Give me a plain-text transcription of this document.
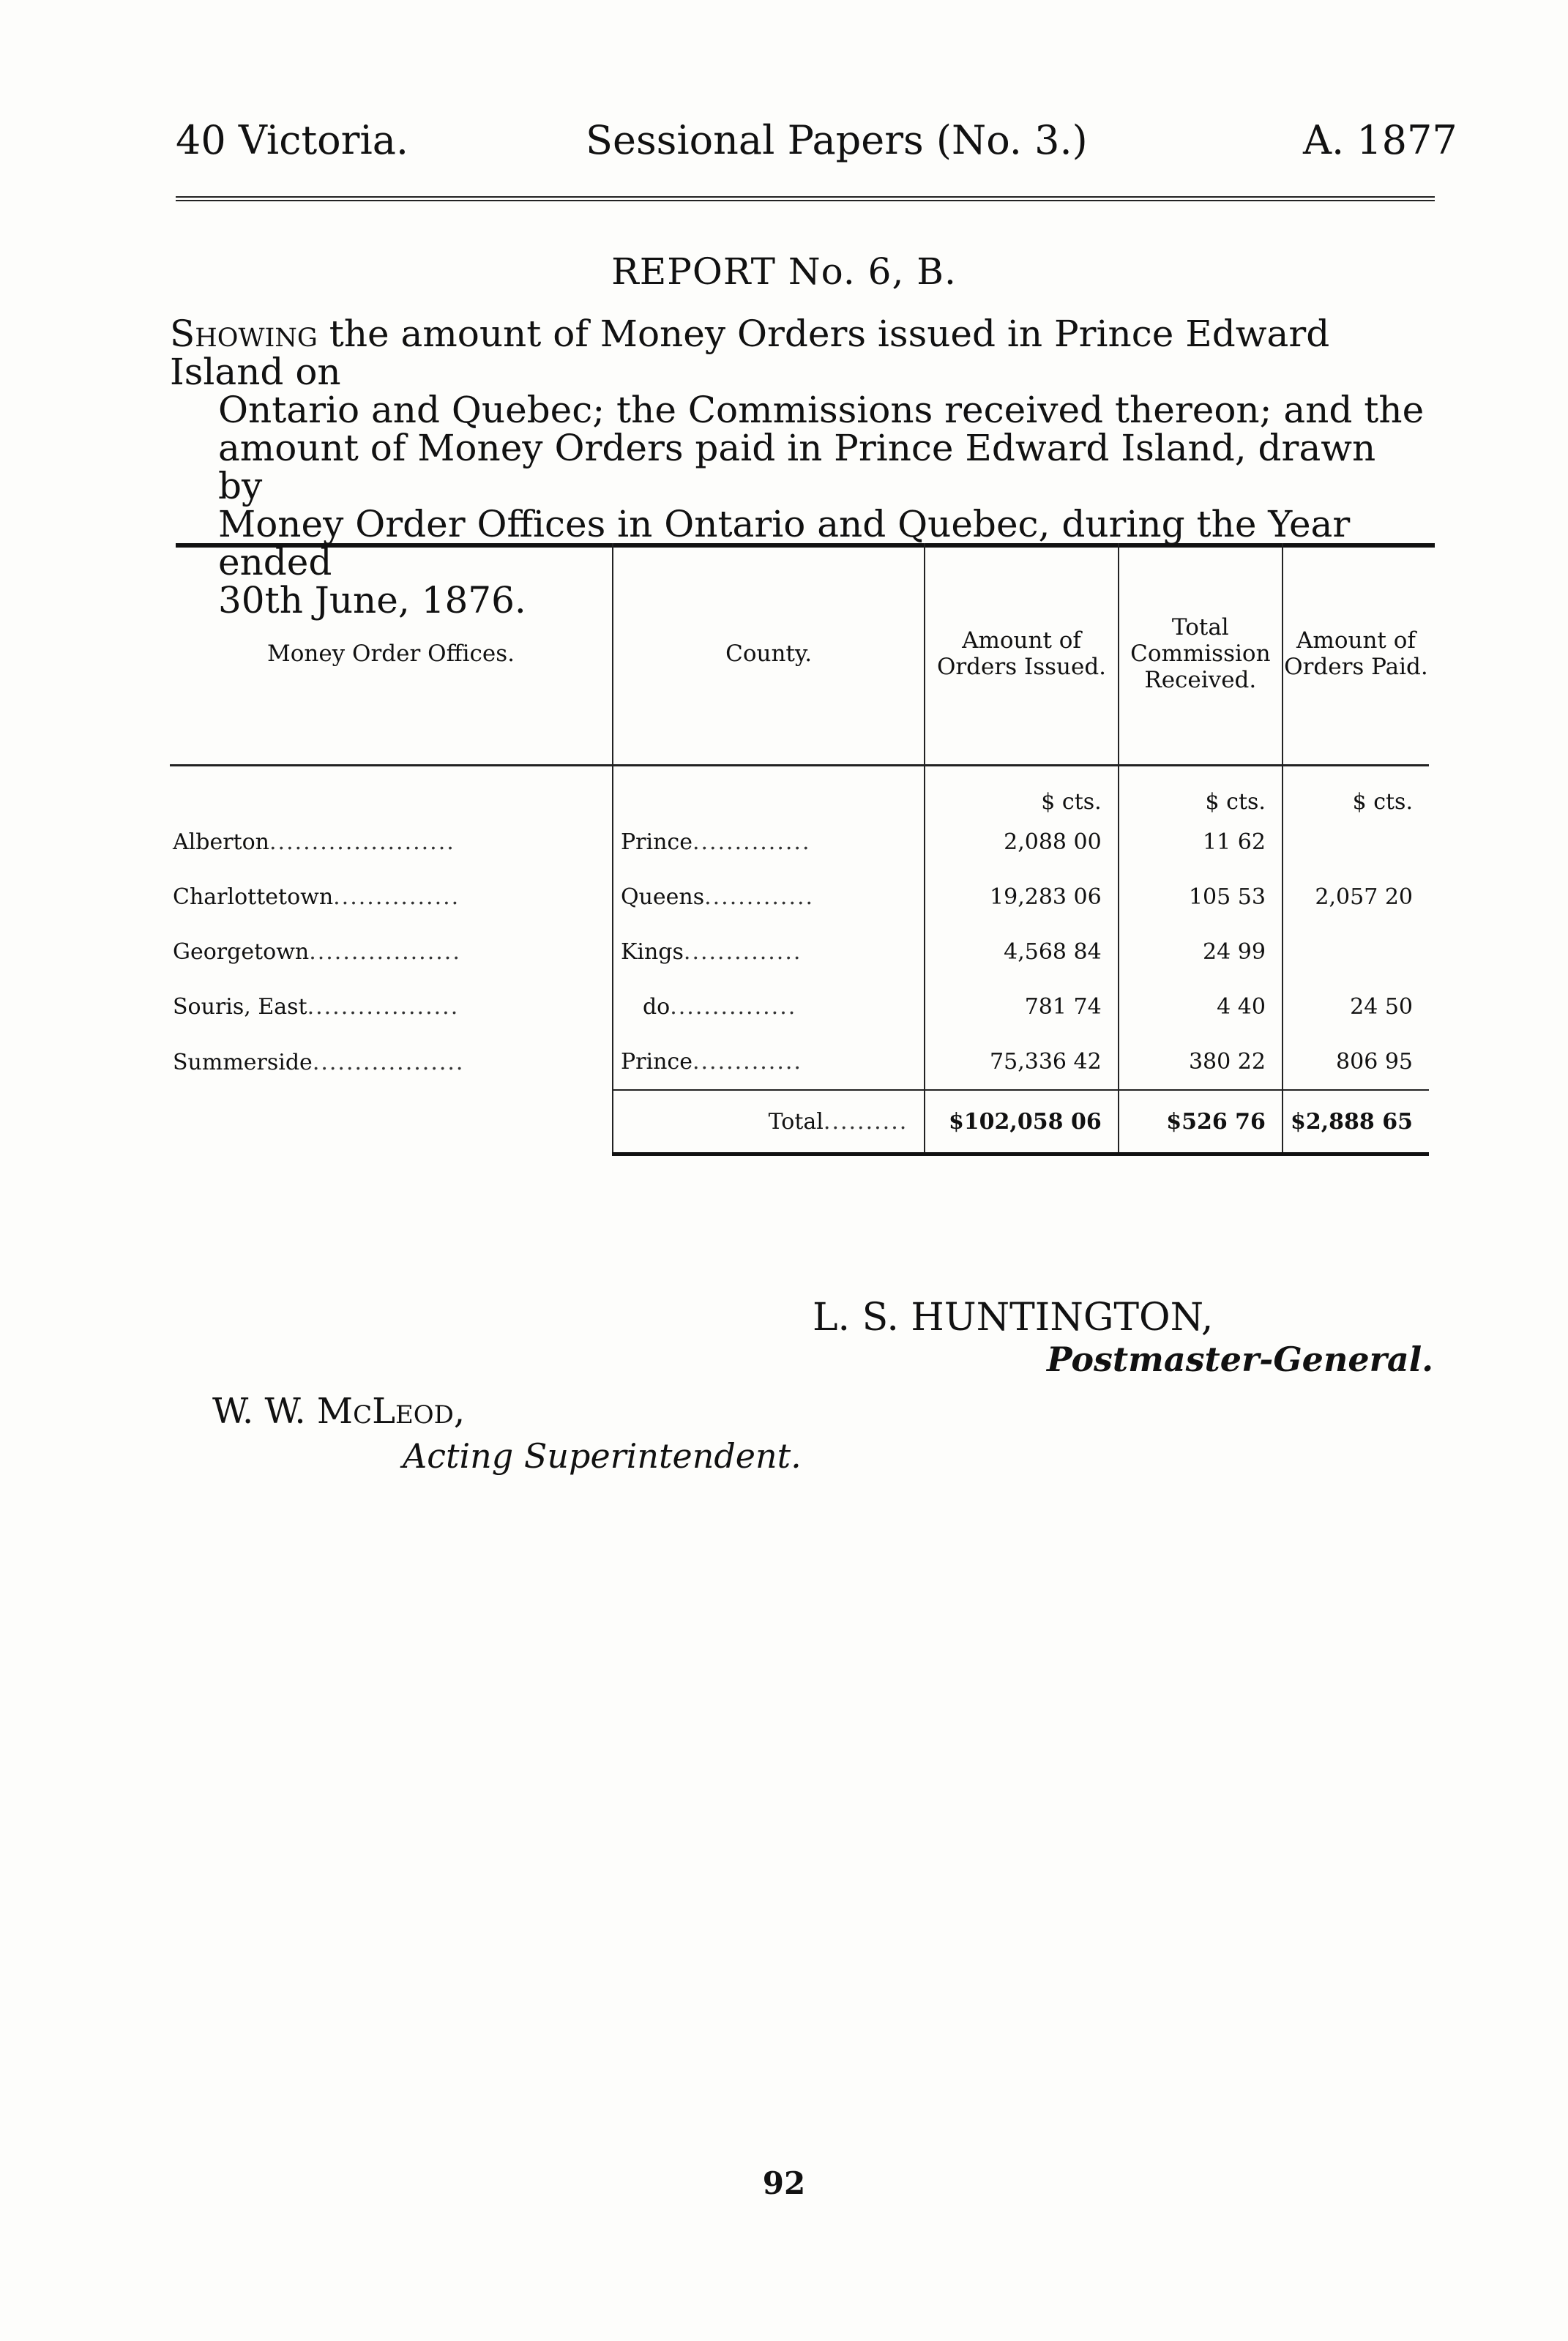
40 Victoria.	Sessional Papers (No. 3.)	A. 1877
REPORT No. 6, B.
Showing the amount of Money Orders issued in Prince Edward Island on
Ontario and Quebec; the Commissions received thereon; and the
amount of Money Orders paid in Prince Edward Island, drawn by
Money Order Offices in Ontario and Quebec, during the Year ended
30th June, 1876.
Money Order Offices.	County.	Amount of Orders Issued.	Total Commission Received.	Amount of Orders Paid.
		$ cts.	$ cts.	$ cts.
Alberton......................	Prince..............	2,088 00	11 62	
Charlottetown...............	Queens.............	19,283 06	105 53	2,057 20
Georgetown..................	Kings..............	4,568 84	24 99	
Souris, East..................	do...............	781 74	4 40	24 50
Summerside..................	Prince.............	75,336 42	380 22	806 95
	Total..........	$102,058 06	$526 76	$2,888 65
L. S. HUNTINGTON,
Postmaster-General.
W. W. McLeod,
Acting Superintendent.
92
